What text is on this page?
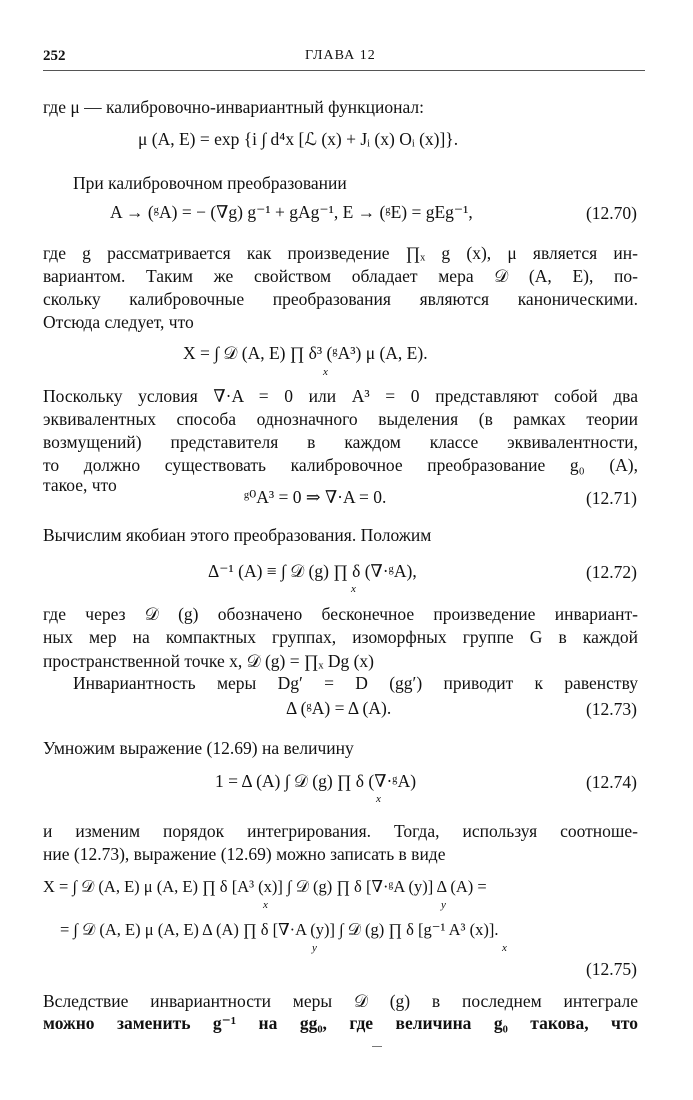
252	ГЛАВА 12
где μ — калибровочно-инвариантный функционал:
μ (A, E) = exp {i ∫ d⁴x [ℒ (x) + Jᵢ (x) Oᵢ (x)]}.
При калибровочном преобразовании
A → (ᵍA) = − (∇g) g⁻¹ + gAg⁻¹, E → (ᵍE) = gEg⁻¹,	(12.70)
где g рассматривается как произведение ∏ₓ g (x), μ является ин-
вариантом. Таким же свойством обладает мера 𝒟 (A, E), по-
скольку калибровочные преобразования являются каноническими.
Отсюда следует, что
X = ∫ 𝒟 (A, E) ∏ δ³ (ᵍA³) μ (A, E).
x
Поскольку условия ∇·A = 0 или A³ = 0 представляют собой два
эквивалентных способа однозначного выделения (в рамках теории
возмущений) представителя в каждом классе эквивалентности,
то должно существовать калибровочное преобразование g₀ (A),
такое, что
ᵍ⁰A³ = 0 ⇒ ∇·A = 0.	(12.71)
Вычислим якобиан этого преобразования. Положим
Δ⁻¹ (A) ≡ ∫ 𝒟 (g) ∏ δ (∇·ᵍA),
x
(12.72)
где через 𝒟 (g) обозначено бесконечное произведение инвариант-
ных мер на компактных группах, изоморфных группе G в каждой
пространственной точке x, 𝒟 (g) = ∏ₓ Dg (x)
Инвариантность меры Dg′ = D (gg′) приводит к равенству
Δ (ᵍA) = Δ (A).	(12.73)
Умножим выражение (12.69) на величину
1 = Δ (A) ∫ 𝒟 (g) ∏ δ (∇·ᵍA)
x
(12.74)
и изменим порядок интегрирования. Тогда, используя соотноше-
ние (12.73), выражение (12.69) можно записать в виде
X = ∫ 𝒟 (A, E) μ (A, E) ∏ δ [A³ (x)] ∫ 𝒟 (g) ∏ δ [∇·ᵍA (y)] Δ (A) =
x	y
= ∫ 𝒟 (A, E) μ (A, E) Δ (A) ∏ δ [∇·A (y)] ∫ 𝒟 (g) ∏ δ [g⁻¹ A³ (x)].
y	x
(12.75)
Вследствие инвариантности меры 𝒟 (g) в последнем интеграле
можно заменить g⁻¹ на gg₀, где величина g₀ такова, что
